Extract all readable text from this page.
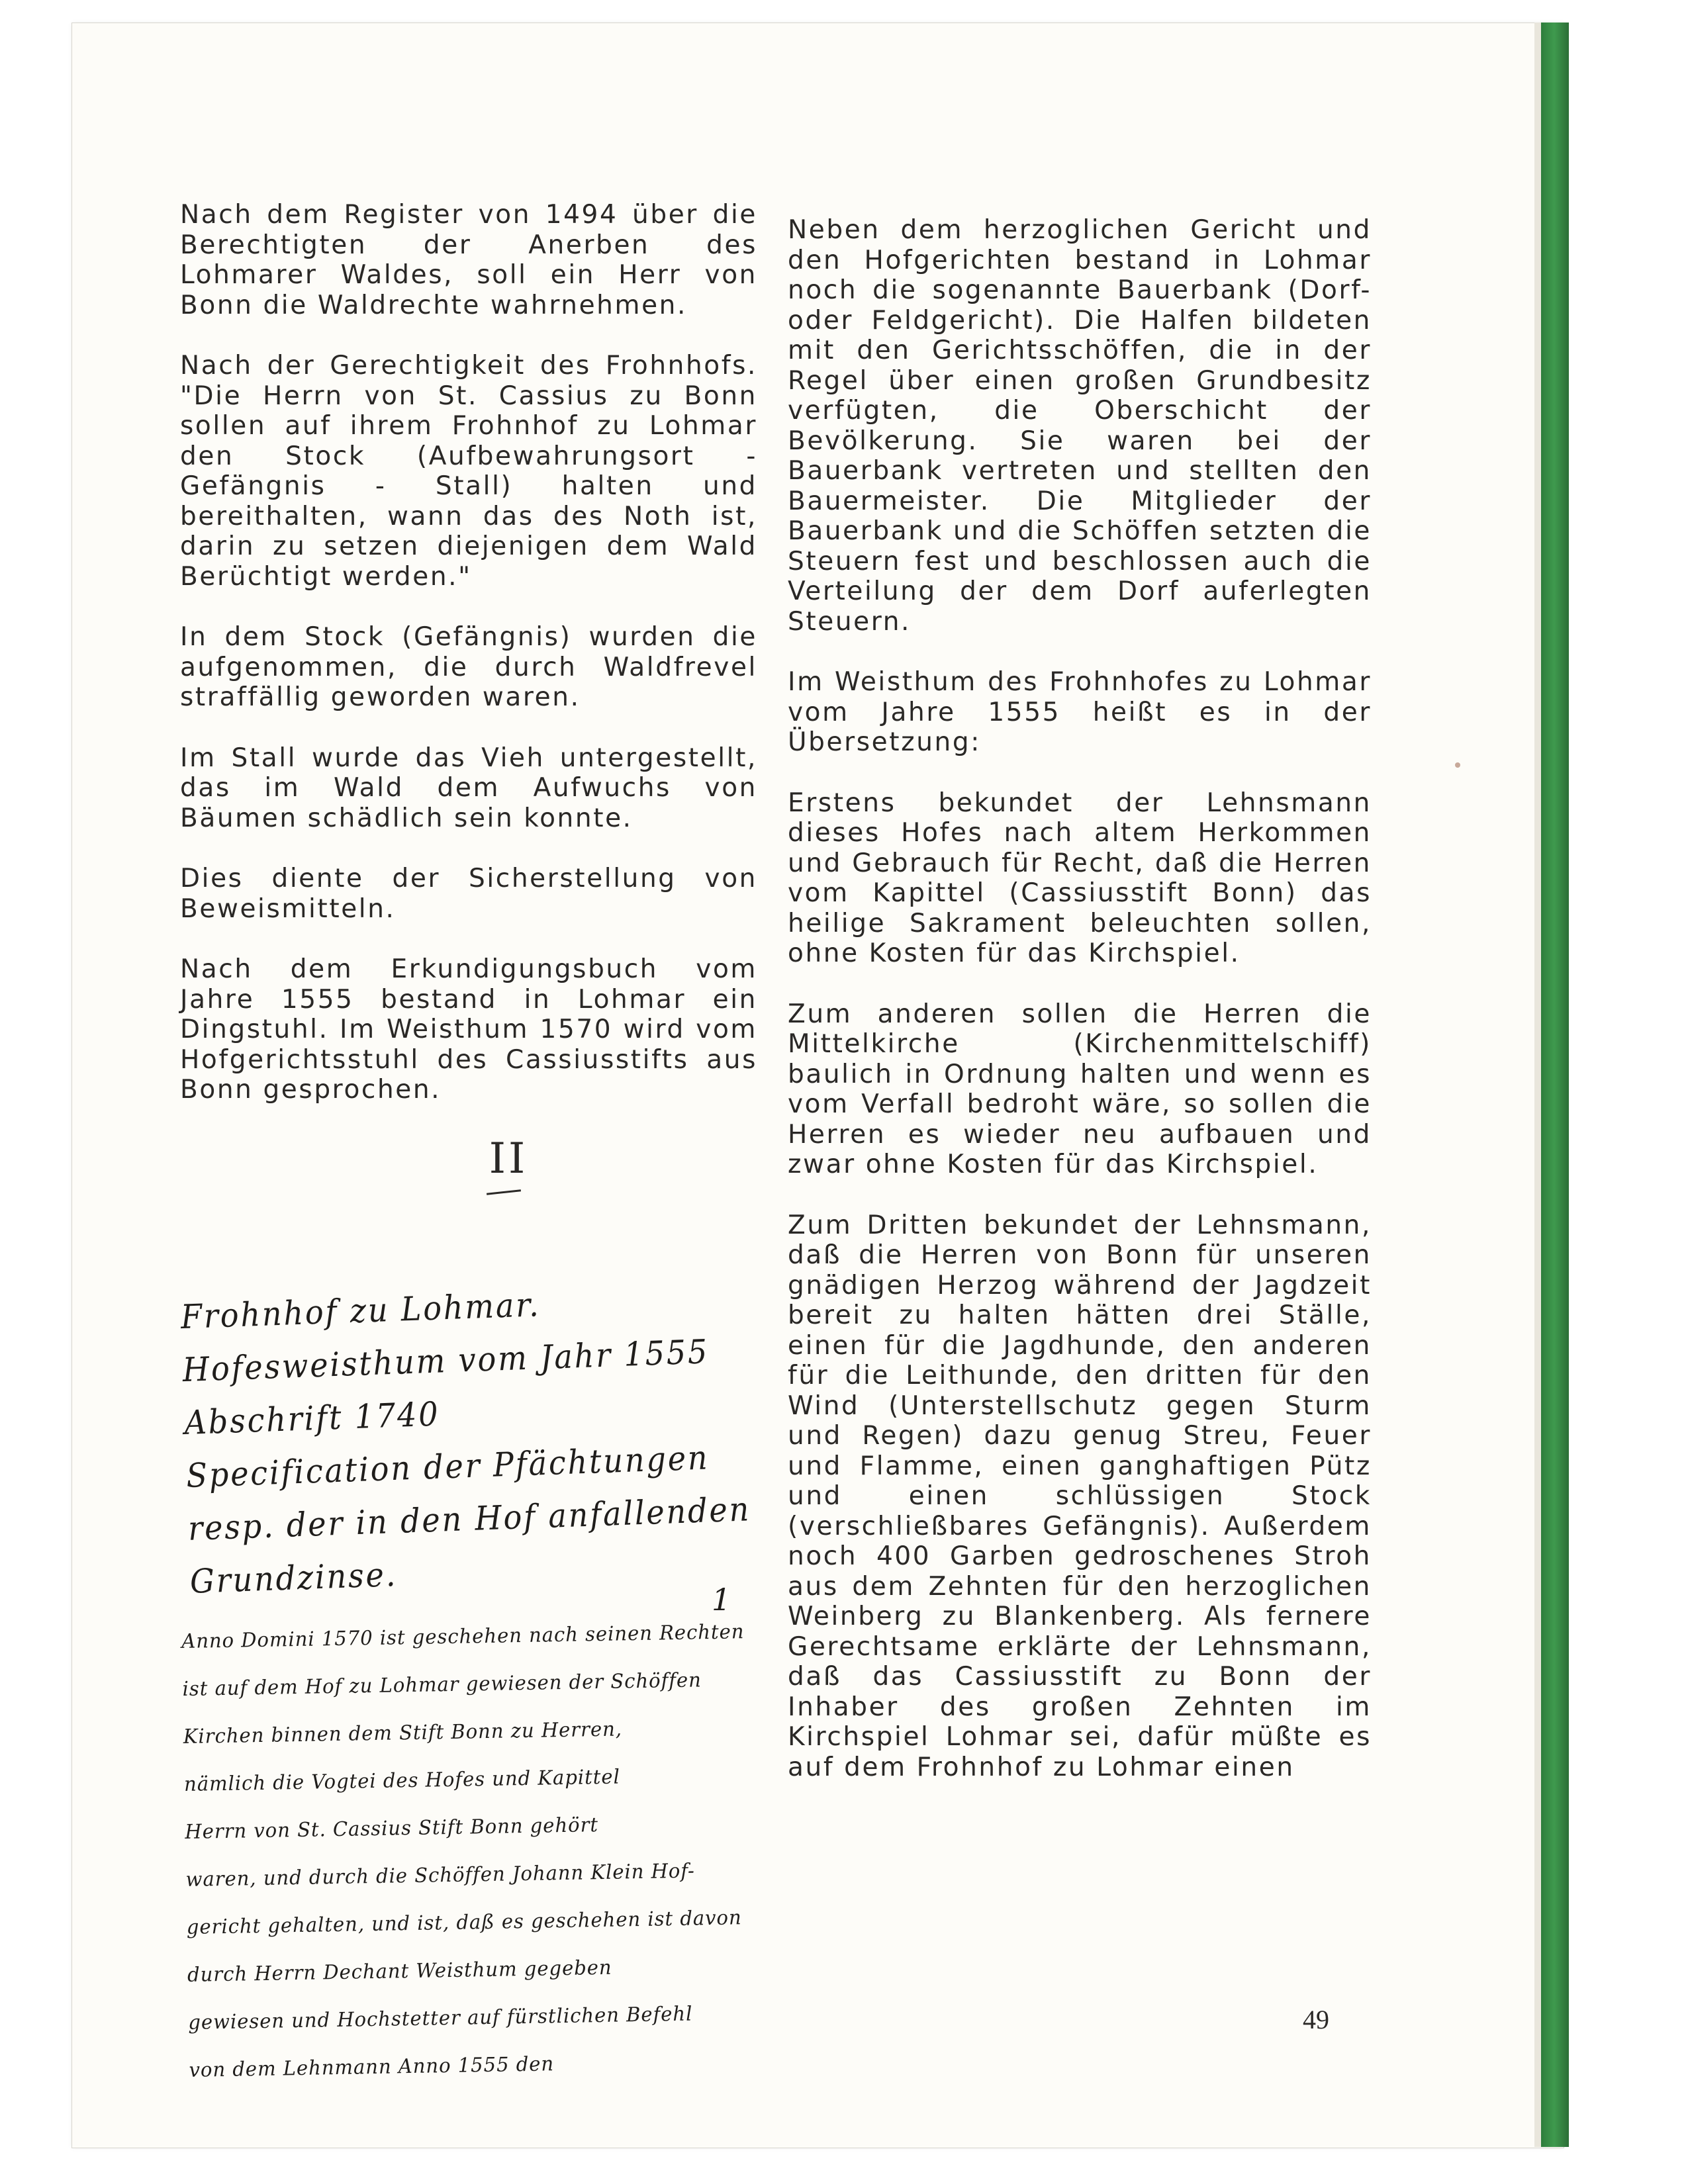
Nach dem Register von 1494 über die Berechtigten der Anerben des Lohmarer Waldes, soll ein Herr von Bonn die Waldrechte wahrnehmen.

Nach der Gerechtigkeit des Frohnhofs. "Die Herrn von St. Cassius zu Bonn sollen auf ihrem Frohnhof zu Lohmar den Stock (Aufbewahrungsort - Gefängnis - Stall) halten und bereithalten, wann das des Noth ist, darin zu setzen diejenigen dem Wald Berüchtigt werden."

In dem Stock (Gefängnis) wurden die aufgenommen, die durch Waldfrevel straffällig geworden waren.

Im Stall wurde das Vieh untergestellt, das im Wald dem Aufwuchs von Bäumen schädlich sein konnte.

Dies diente der Sicherstellung von Beweismitteln.

Nach dem Erkundigungsbuch vom Jahre 1555 bestand in Lohmar ein Dingstuhl. Im Weisthum 1570 wird vom Hofgerichtsstuhl des Cassiusstifts aus Bonn gesprochen.

Neben dem herzoglichen Gericht und den Hofgerichten bestand in Lohmar noch die sogenannte Bauerbank (Dorf- oder Feldgericht). Die Halfen bildeten mit den Gerichtsschöffen, die in der Regel über einen großen Grundbesitz verfügten, die Oberschicht der Bevölkerung. Sie waren bei der Bauerbank vertreten und stellten den Bauermeister. Die Mitglieder der Bauerbank und die Schöffen setzten die Steuern fest und beschlossen auch die Verteilung der dem Dorf auferlegten Steuern.

Im Weisthum des Frohnhofes zu Lohmar vom Jahre 1555 heißt es in der Übersetzung:

Erstens bekundet der Lehnsmann dieses Hofes nach altem Herkommen und Gebrauch für Recht, daß die Herren vom Kapittel (Cassiusstift Bonn) das heilige Sakrament beleuchten sollen, ohne Kosten für das Kirchspiel.

Zum anderen sollen die Herren die Mittelkirche (Kirchenmittelschiff) baulich in Ordnung halten und wenn es vom Verfall bedroht wäre, so sollen die Herren es wieder neu aufbauen und zwar ohne Kosten für das Kirchspiel.

Zum Dritten bekundet der Lehnsmann, daß die Herren von Bonn für unseren gnädigen Herzog während der Jagdzeit bereit zu halten hätten drei Ställe, einen für die Jagdhunde, den anderen für die Leithunde, den dritten für den Wind (Unterstellschutz gegen Sturm und Regen) dazu genug Streu, Feuer und Flamme, einen ganghaftigen Pütz und einen schlüssigen Stock (verschließbares Gefängnis). Außerdem noch 400 Garben gedroschenes Stroh aus dem Zehnten für den herzoglichen Weinberg zu Blankenberg. Als fernere Gerechtsame erklärte der Lehnsmann, daß das Cassiusstift zu Bonn der Inhaber des großen Zehnten im Kirchspiel Lohmar sei, dafür müßte es auf dem Frohnhof zu Lohmar einen

II
Frohnhof zu Lohmar.
Hofesweisthum vom Jahr 1555
Abschrift 1740
Specification der Pfächtungen
resp. der in den Hof anfallenden
Grundzinse.	1
Anno Domini 1570 ist geschehen nach seinen Rechten
ist auf dem Hof zu Lohmar gewiesen der Schöffen
Kirchen binnen dem Stift Bonn zu Herren,
nämlich die Vogtei des Hofes und Kapittel
Herrn von St. Cassius Stift Bonn gehört
waren, und durch die Schöffen Johann Klein Hof-
gericht gehalten, und ist, daß es geschehen ist davon
durch Herrn Dechant Weisthum gegeben
gewiesen und Hochstetter auf fürstlichen Befehl
von dem Lehnmann Anno 1555 den
49
